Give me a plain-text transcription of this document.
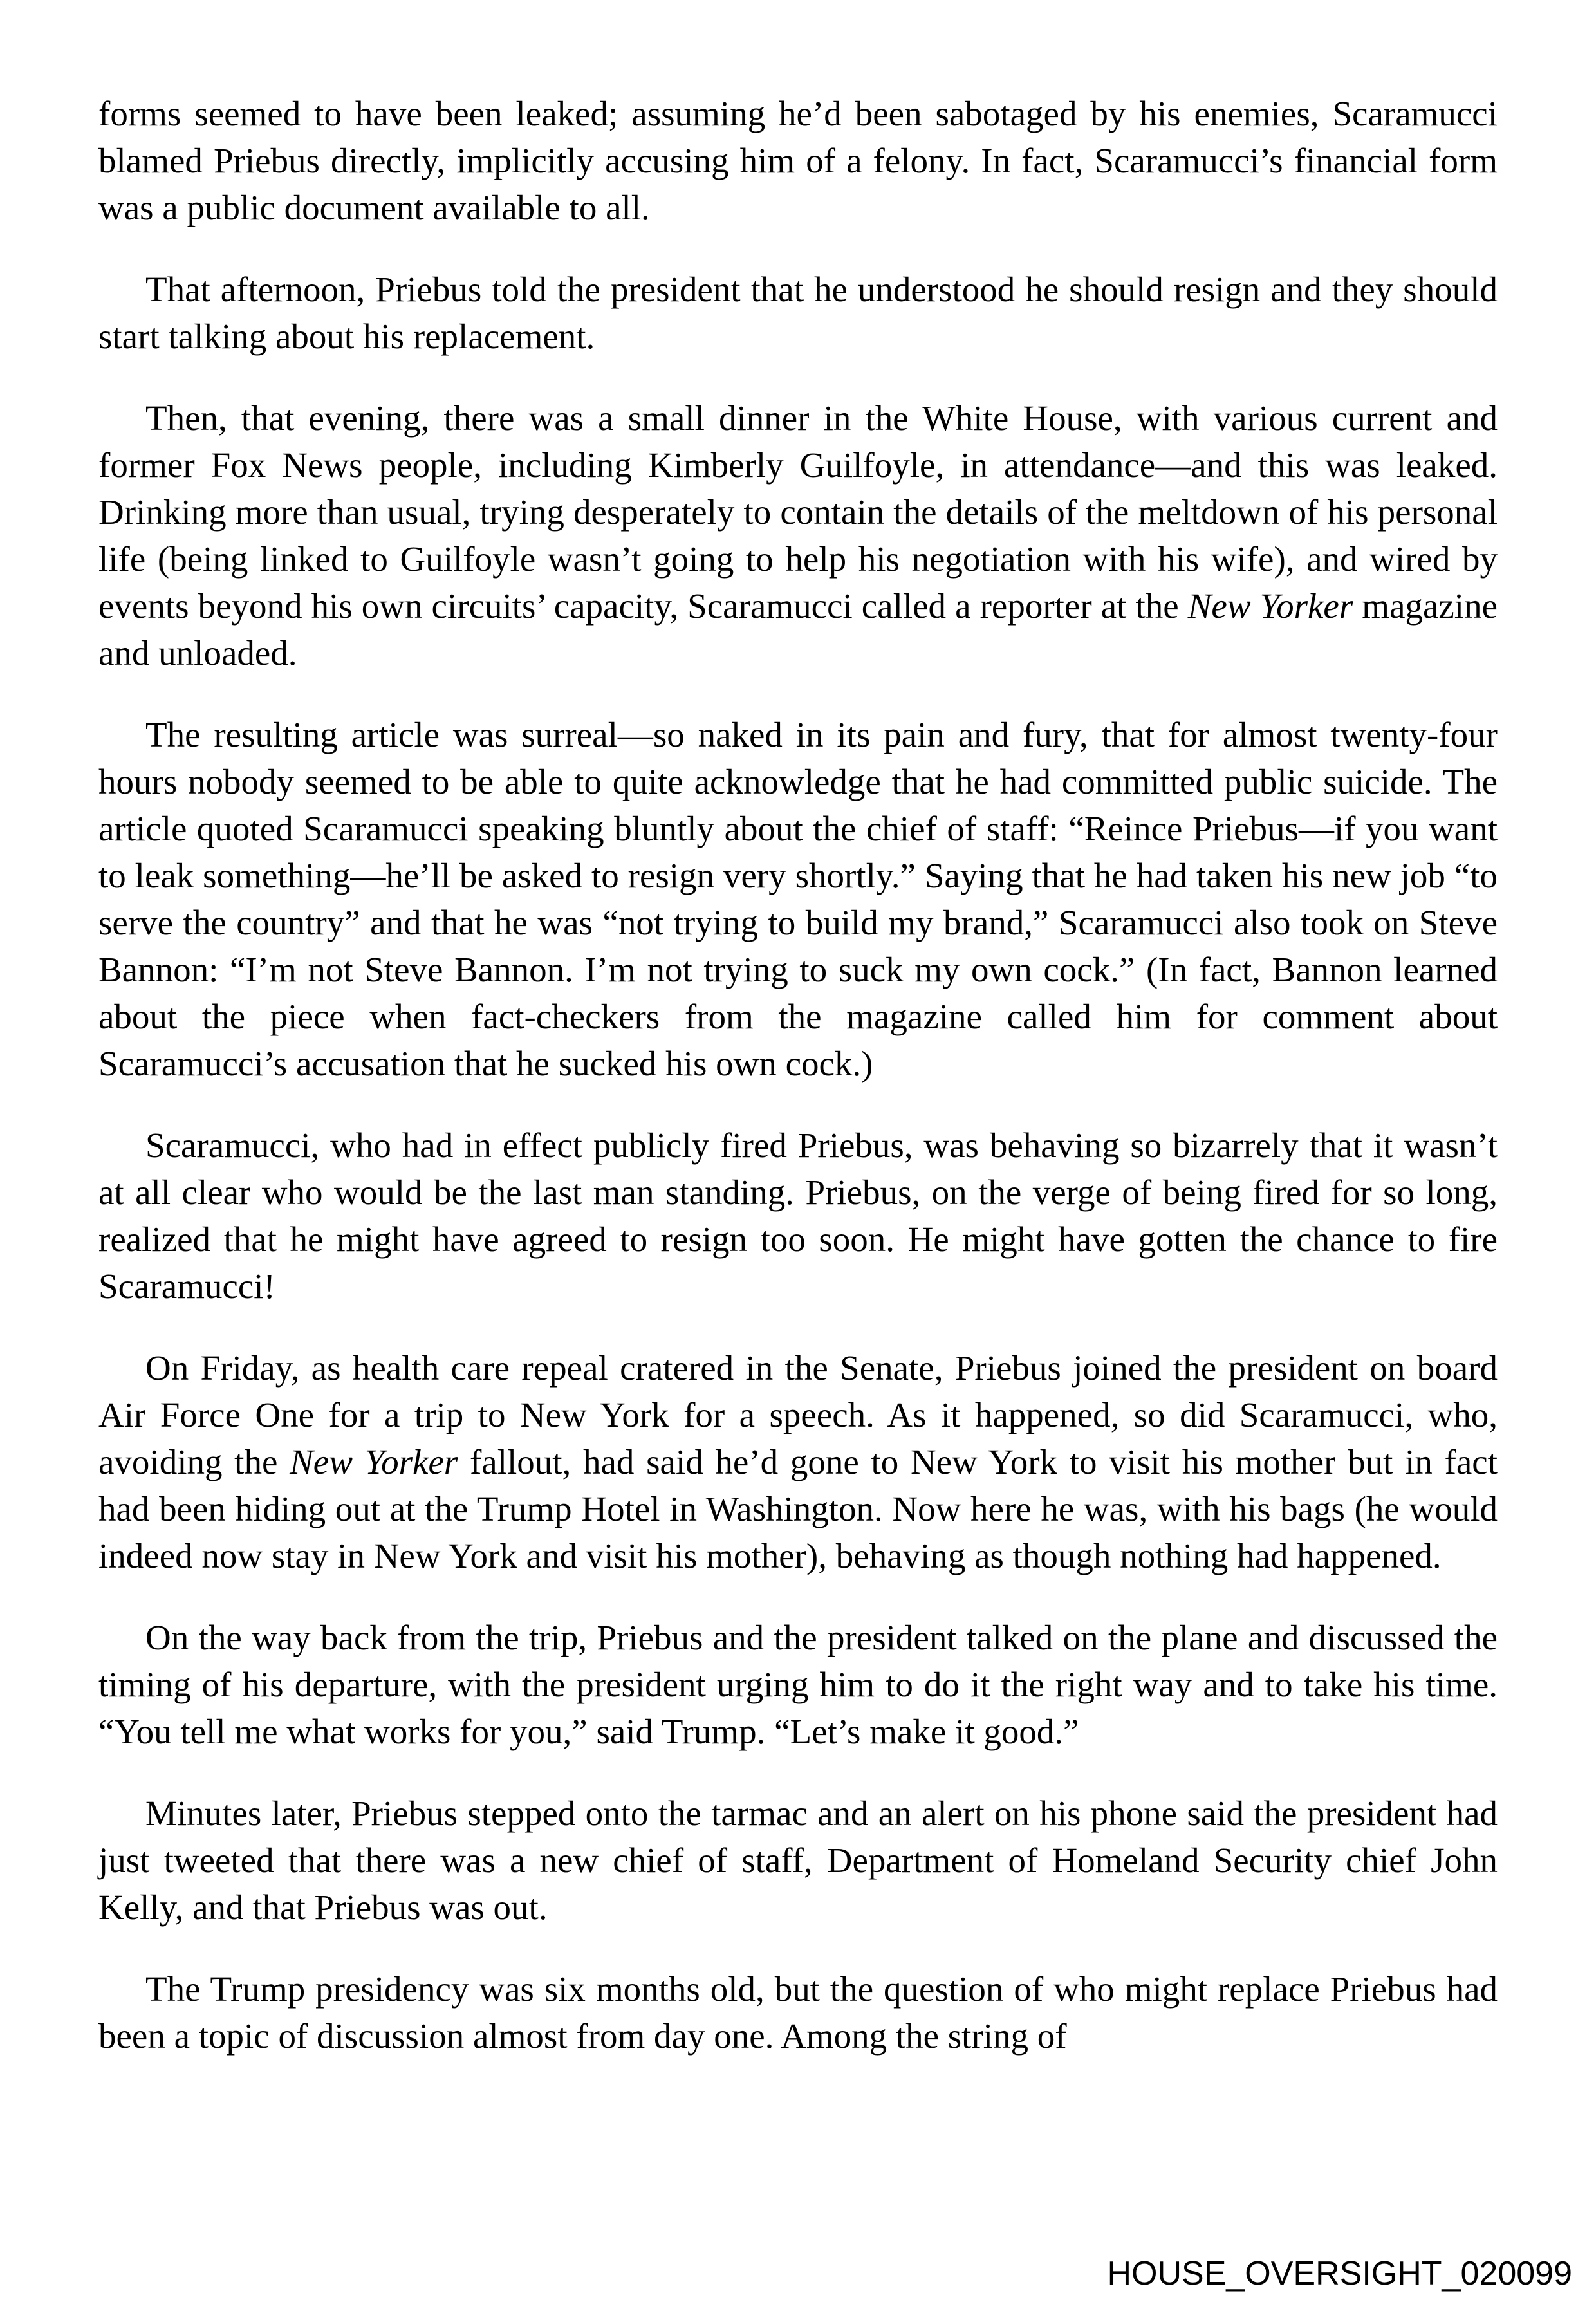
forms seemed to have been leaked; assuming he’d been sabotaged by his enemies, Scaramucci blamed Priebus directly, implicitly accusing him of a felony. In fact, Scaramucci’s financial form was a public document available to all.

That afternoon, Priebus told the president that he understood he should resign and they should start talking about his replacement.

Then, that evening, there was a small dinner in the White House, with various current and former Fox News people, including Kimberly Guilfoyle, in attendance—and this was leaked. Drinking more than usual, trying desperately to contain the details of the meltdown of his personal life (being linked to Guilfoyle wasn’t going to help his negotiation with his wife), and wired by events beyond his own circuits’ capacity, Scaramucci called a reporter at the New Yorker magazine and unloaded.

The resulting article was surreal—so naked in its pain and fury, that for almost twenty-four hours nobody seemed to be able to quite acknowledge that he had committed public suicide. The article quoted Scaramucci speaking bluntly about the chief of staff: “Reince Priebus—if you want to leak something—he’ll be asked to resign very shortly.” Saying that he had taken his new job “to serve the country” and that he was “not trying to build my brand,” Scaramucci also took on Steve Bannon: “I’m not Steve Bannon. I’m not trying to suck my own cock.” (In fact, Bannon learned about the piece when fact-checkers from the magazine called him for comment about Scaramucci’s accusation that he sucked his own cock.)

Scaramucci, who had in effect publicly fired Priebus, was behaving so bizarrely that it wasn’t at all clear who would be the last man standing. Priebus, on the verge of being fired for so long, realized that he might have agreed to resign too soon. He might have gotten the chance to fire Scaramucci!

On Friday, as health care repeal cratered in the Senate, Priebus joined the president on board Air Force One for a trip to New York for a speech. As it happened, so did Scaramucci, who, avoiding the New Yorker fallout, had said he’d gone to New York to visit his mother but in fact had been hiding out at the Trump Hotel in Washington. Now here he was, with his bags (he would indeed now stay in New York and visit his mother), behaving as though nothing had happened.

On the way back from the trip, Priebus and the president talked on the plane and discussed the timing of his departure, with the president urging him to do it the right way and to take his time. “You tell me what works for you,” said Trump. “Let’s make it good.”

Minutes later, Priebus stepped onto the tarmac and an alert on his phone said the president had just tweeted that there was a new chief of staff, Department of Homeland Security chief John Kelly, and that Priebus was out.

The Trump presidency was six months old, but the question of who might replace Priebus had been a topic of discussion almost from day one. Among the string of

HOUSE_OVERSIGHT_020099
